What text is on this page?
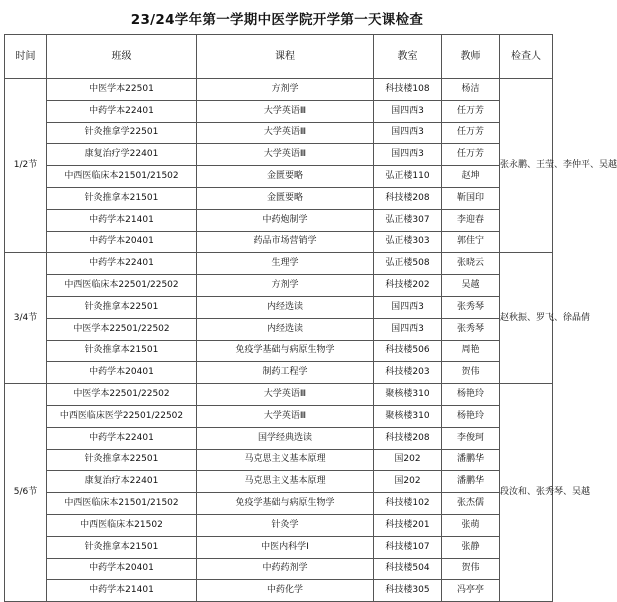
23/24学年第一学期中医学院开学第一天课检查
时间	班级	课程	教室	教师	检查人
1/2节	中医学本22501	方剂学	科技楼108	杨洁	张永鹏、王莹、李仲平、吴越
	中药学本22401	大学英语Ⅲ	国四西3	任万芳	
	针灸推拿学22501	大学英语Ⅲ	国四西3	任万芳	
	康复治疗学22401	大学英语Ⅲ	国四西3	任万芳	
	中西医临床本21501/21502	金匮要略	弘正楼110	赵坤	
	针灸推拿本21501	金匮要略	科技楼208	靳国印	
	中药学本21401	中药炮制学	弘正楼307	李迎春	
	中药学本20401	药品市场营销学	弘正楼303	郭佳宁	
3/4节	中药学本22401	生理学	弘正楼508	张晓云	赵秋振、罗飞、徐晶倩
	中西医临床本22501/22502	方剂学	科技楼202	吴越	
	针灸推拿本22501	内经选读	国四西3	张秀琴	
	中医学本22501/22502	内经选读	国四西3	张秀琴	
	针灸推拿本21501	免疫学基础与病原生物学	科技楼506	周艳	
	中药学本20401	制药工程学	科技楼203	贺伟	
5/6节	中医学本22501/22502	大学英语Ⅲ	聚核楼310	杨艳玲	段汝和、张秀琴、吴越
	中西医临床医学22501/22502	大学英语Ⅲ	聚核楼310	杨艳玲	
	中药学本22401	国学经典选读	科技楼208	李俊珂	
	针灸推拿本22501	马克思主义基本原理	国202	潘鹏华	
	康复治疗本22401	马克思主义基本原理	国202	潘鹏华	
	中西医临床本21501/21502	免疫学基础与病原生物学	科技楼102	张杰儒	
	中西医临床本21502	针灸学	科技楼201	张萌	
	针灸推拿本21501	中医内科学Ⅰ	科技楼107	张静	
	中药学本20401	中药药剂学	科技楼504	贺伟	
	中药学本21401	中药化学	科技楼305	冯亭亭	
